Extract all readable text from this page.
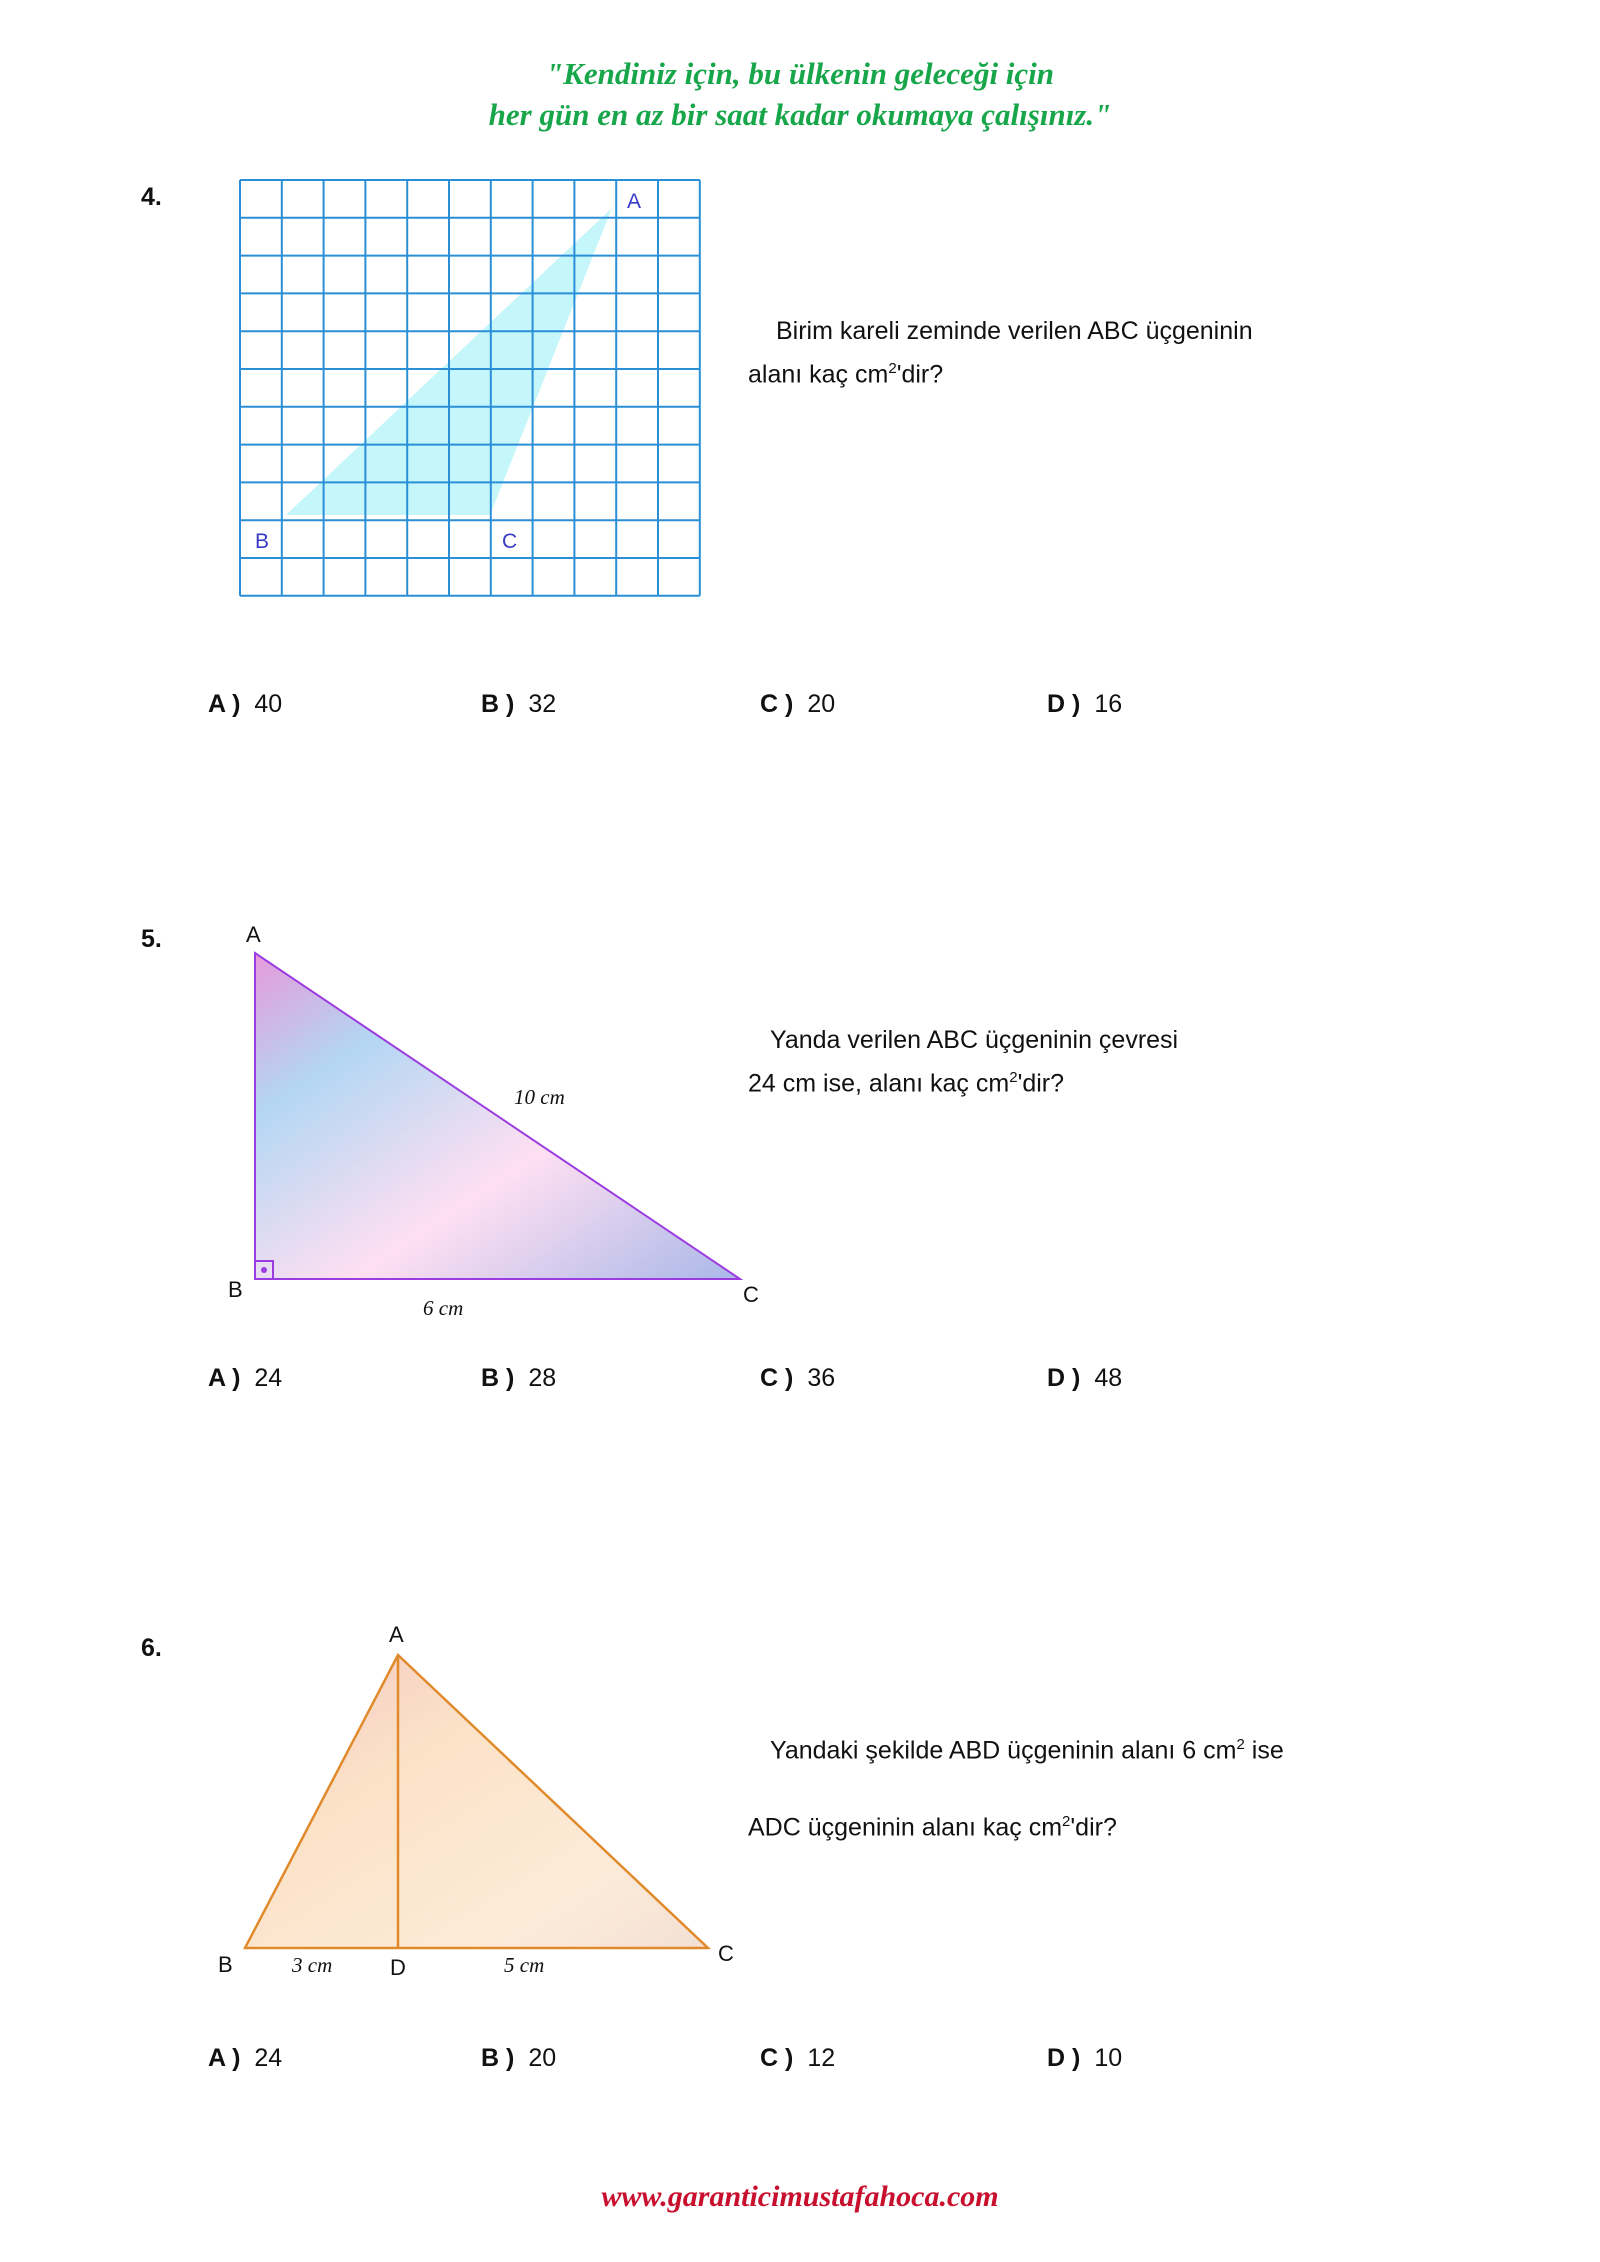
"Kendiniz için, bu ülkenin geleceği için
her gün en az bir saat kadar okumaya çalışınız."
4.	A
B	C
Birim kareli zeminde verilen ABC üçgeninin
alanı kaç $cm^2'dir$?
A ) 40	B ) 32	C ) 20	D ) 16
5.	A
B	C
10 cm
6 cm
Yanda verilen ABC üçgeninin çevresi
24 cm ise, alanı kaç $cm^2'dir$?
A ) 24	B ) 28	C ) 36	D ) 48
6.	A
B	C
D
3 cm	5 cm
Yandaki şekilde ABD üçgeninin alanı 6 $cm^2$ ise
ADC üçgeninin alanı kaç $cm^2'dir$?
A ) 24	B ) 20	C ) 12	D ) 10
www.garanticimustafahoca.com
